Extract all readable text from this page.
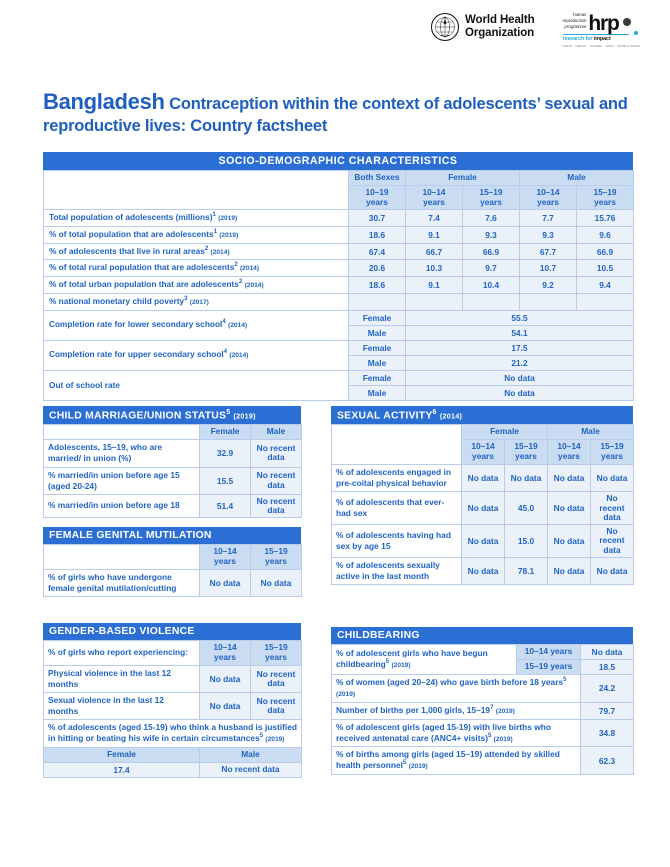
World Health
Organization
human
reproduction
programme hrp
research for impact
UNDP · UNFPA · UNICEF · WHO · WORLD BANK
Bangladesh Contraception within the context of adolescents’ sexual and reproductive lives: Country factsheet
SOCIO-DEMOGRAPHIC CHARACTERISTICS
	Both Sexes	Female		Male	
	10–19
years	10–14
years	15–19
years	10–14
years	15–19
years
Total population of adolescents (millions)$^1$ (2019)	30.7	7.4	7.6	7.7	15.76
% of total population that are adolescents$^1$ (2019)	18.6	9.1	9.3	9.3	9.6
% of adolescents that live in rural areas$^2$ (2014)	67.4	66.7	66.9	67.7	66.9
% of total rural population that are adolescents$^2$ (2014)	20.6	10.3	9.7	10.7	10.5
% of total urban population that are adolescents$^2$ (2014)	18.6	9.1	10.4	9.2	9.4
% national monetary child poverty$^3$ (2017)					
Completion rate for lower secondary school$^4$ (2014)	Female	55.5			
	Male	54.1			
Completion rate for upper secondary school$^4$ (2014)	Female	17.5			
	Male	21.2			
Out of school rate	Female	No data			
	Male	No data			
CHILD MARRIAGE/UNION STATUS$^5$ (2019)
	Female	Male
Adolescents, 15–19, who are married/ in union (%)	32.9	No recent data
% married/in union before age 15 (aged 20-24)	15.5	No recent data
% married/in union before age 18	51.4	No recent data
FEMALE GENITAL MUTILATION
	10–14
years	15–19
years
% of girls who have undergone female genital mutilation/cutting	No data	No data
GENDER-BASED VIOLENCE
% of girls who report experiencing:	10–14
years	15–19
years
Physical violence in the last 12 months	No data	No recent data
Sexual violence in the last 12 months	No data	No recent data
% of adolescents (aged 15-19) who think a husband is justified in hitting or beating his wife in certain circumstances$^5$ (2019)		
Female	Male	
17.4	No recent data	
SEXUAL ACTIVITY$^6$ (2014)
	Female		Male	
	10–14
years	15–19
years	10–14
years	15–19
years
% of adolescents engaged in pre-coital physical behavior	No data	No data	No data	No data
% of adolescents that ever-had sex	No data	45.0	No data	No recent data
% of adolescents having had sex by age 15	No data	15.0	No data	No recent data
% of adolescents sexually active in the last month	No data	78.1	No data	No data
CHILDBEARING
% of adolescent girls who have begun childbearing$^5$ (2019)	10–14 years	No data
	15–19 years	18.5
% of women (aged 20–24) who gave birth before 18 years$^5$ (2019)		24.2
Number of births per 1,000 girls, $15-19^7$ (2019)		79.7
% of adolescent girls (aged 15-19) with live births who received antenatal care (ANC4+ visits)$^5$ (2019)		34.8
% of births among girls (aged 15–19) attended by skilled health personnel$^5$ (2019)		62.3
